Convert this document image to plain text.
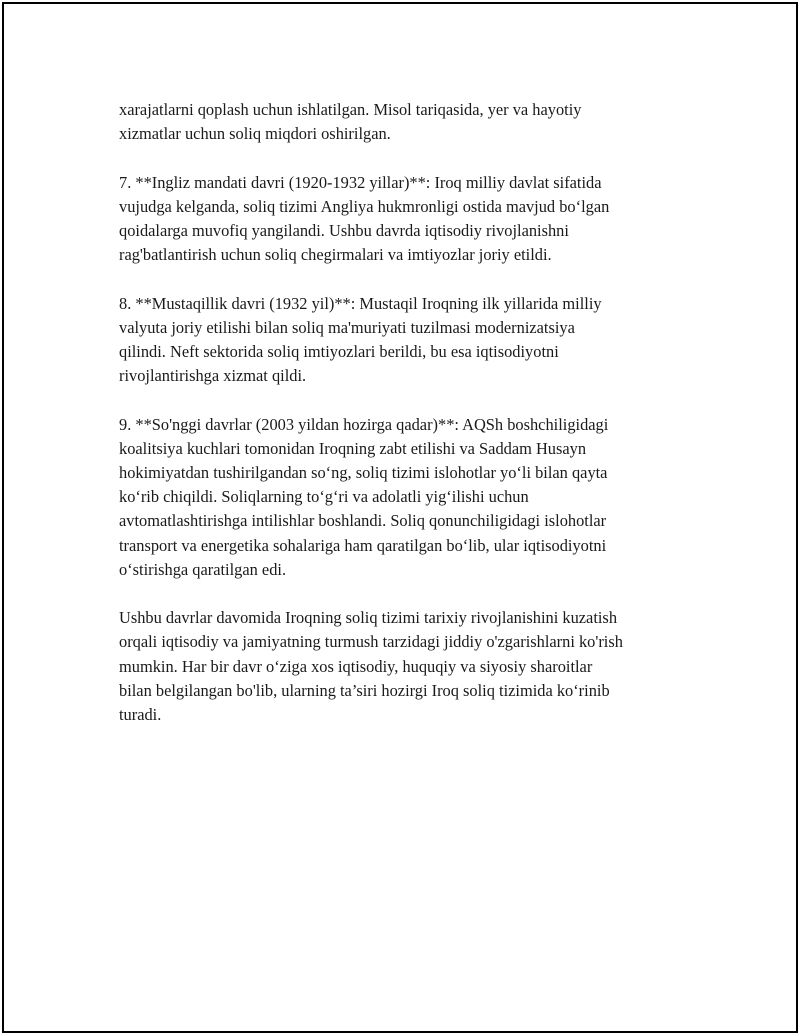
xarajatlarni qoplash uchun ishlatilgan. Misol tariqasida, yer va hayotiy
xizmatlar uchun soliq miqdori oshirilgan.

7. **Ingliz mandati davri (1920-1932 yillar)**: Iroq milliy davlat sifatida
vujudga kelganda, soliq tizimi Angliya hukmronligi ostida mavjud bo‘lgan
qoidalarga muvofiq yangilandi. Ushbu davrda iqtisodiy rivojlanishni
rag'batlantirish uchun soliq chegirmalari va imtiyozlar joriy etildi.

8. **Mustaqillik davri (1932 yil)**: Mustaqil Iroqning ilk yillarida milliy
valyuta joriy etilishi bilan soliq ma'muriyati tuzilmasi modernizatsiya
qilindi. Neft sektorida soliq imtiyozlari berildi, bu esa iqtisodiyotni
rivojlantirishga xizmat qildi.

9. **So'nggi davrlar (2003 yildan hozirga qadar)**: AQSh boshchiligidagi
koalitsiya kuchlari tomonidan Iroqning zabt etilishi va Saddam Husayn
hokimiyatdan tushirilgandan so‘ng, soliq tizimi islohotlar yo‘li bilan qayta
ko‘rib chiqildi. Soliqlarning to‘g‘ri va adolatli yig‘ilishi uchun
avtomatlashtirishga intilishlar boshlandi. Soliq qonunchiligidagi islohotlar
transport va energetika sohalariga ham qaratilgan bo‘lib, ular iqtisodiyotni
o‘stirishga qaratilgan edi.

Ushbu davrlar davomida Iroqning soliq tizimi tarixiy rivojlanishini kuzatish
orqali iqtisodiy va jamiyatning turmush tarzidagi jiddiy o'zgarishlarni ko'rish
mumkin. Har bir davr o‘ziga xos iqtisodiy, huquqiy va siyosiy sharoitlar
bilan belgilangan bo'lib, ularning ta’siri hozirgi Iroq soliq tizimida ko‘rinib
turadi.
